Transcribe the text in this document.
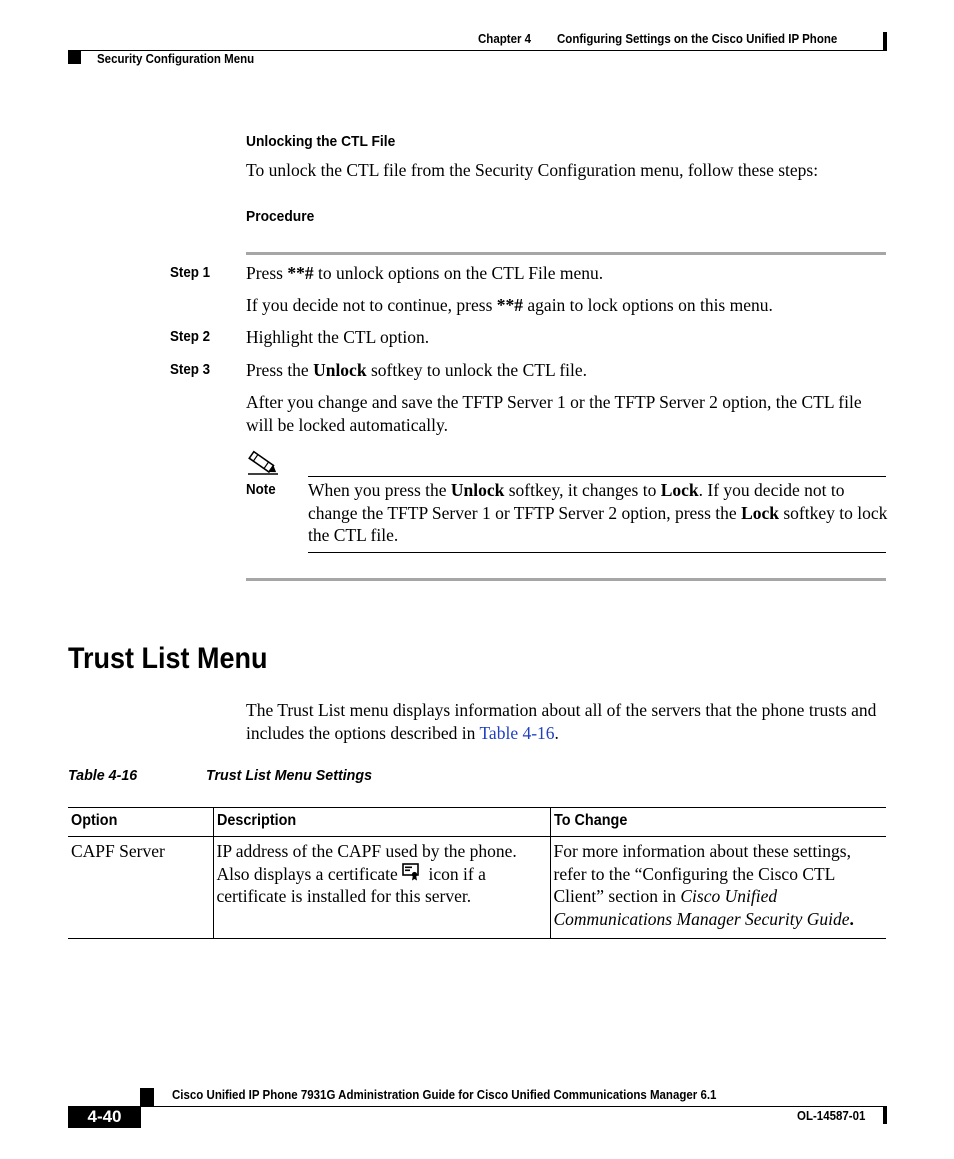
Chapter 4 Configuring Settings on the Cisco Unified IP Phone
Security Configuration Menu
Unlocking the CTL File
To unlock the CTL file from the Security Configuration menu, follow these steps:
Procedure
Step 1 Press **# to unlock options on the CTL File menu.
If you decide not to continue, press **# again to lock options on this menu.
Step 2 Highlight the CTL option.
Step 3 Press the Unlock softkey to unlock the CTL file.
After you change and save the TFTP Server 1 or the TFTP Server 2 option, the CTL file will be locked automatically.
Note When you press the Unlock softkey, it changes to Lock. If you decide not to change the TFTP Server 1 or TFTP Server 2 option, press the Lock softkey to lock the CTL file.
Trust List Menu
The Trust List menu displays information about all of the servers that the phone trusts and includes the options described in Table 4-16.
Table 4-16	Trust List Menu Settings
Option	Description	To Change
CAPF Server	IP address of the CAPF used by the phone. Also displays a certificate  icon if a certificate is installed for this server.	For more information about these settings, refer to the “Configuring the Cisco CTL Client” section in Cisco Unified Communications Manager Security Guide.
Cisco Unified IP Phone 7931G Administration Guide for Cisco Unified Communications Manager 6.1
4-40	OL-14587-01
